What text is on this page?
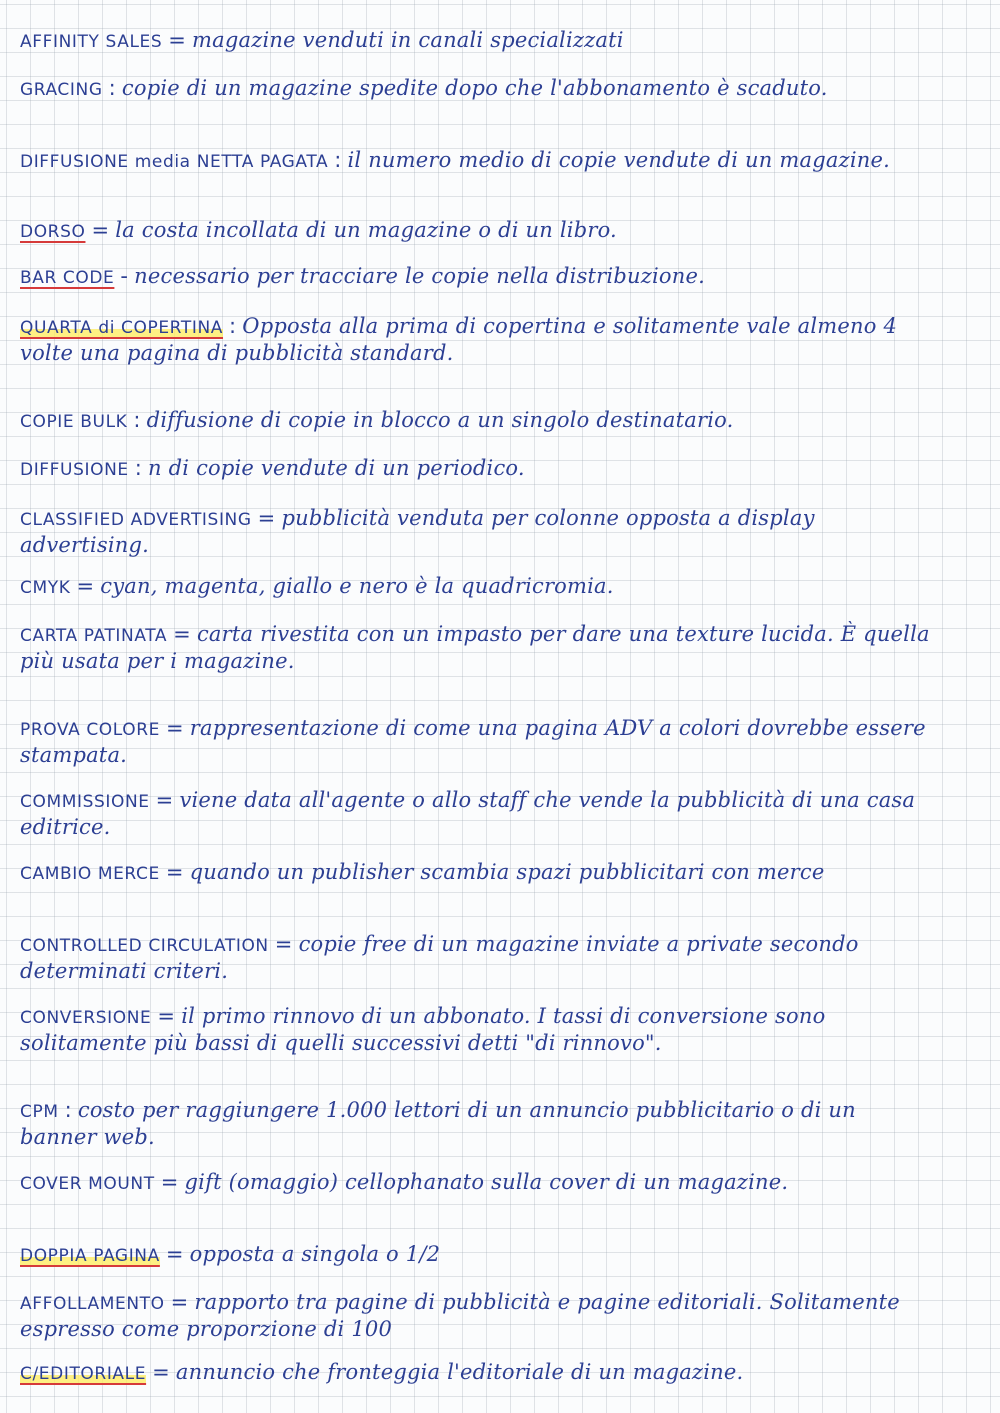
AFFINITY SALES = magazine venduti in canali specializzati
GRACING : copie di un magazine spedite dopo che l'abbonamento è scaduto.
DIFFUSIONE media NETTA PAGATA : il numero medio di copie vendute di un magazine.
DORSO = la costa incollata di un magazine o di un libro.
BAR CODE - necessario per tracciare le copie nella distribuzione.
QUARTA di COPERTINA : Opposta alla prima di copertina e solitamente vale almeno 4 volte una pagina di pubblicità standard.
COPIE BULK : diffusione di copie in blocco a un singolo destinatario.
DIFFUSIONE : n di copie vendute di un periodico.
CLASSIFIED ADVERTISING = pubblicità venduta per colonne opposta a display advertising.
CMYK = cyan, magenta, giallo e nero è la quadricromia.
CARTA PATINATA = carta rivestita con un impasto per dare una texture lucida. È quella più usata per i magazine.
PROVA COLORE = rappresentazione di come una pagina ADV a colori dovrebbe essere stampata.
COMMISSIONE = viene data all'agente o allo staff che vende la pubblicità di una casa editrice.
CAMBIO MERCE = quando un publisher scambia spazi pubblicitari con merce
CONTROLLED CIRCULATION = copie free di un magazine inviate a private secondo determinati criteri.
CONVERSIONE = il primo rinnovo di un abbonato. I tassi di conversione sono solitamente più bassi di quelli successivi detti "di rinnovo".
CPM : costo per raggiungere 1.000 lettori di un annuncio pubblicitario o di un banner web.
COVER MOUNT = gift (omaggio) cellophanato sulla cover di un magazine.
DOPPIA PAGINA = opposta a singola o 1/2
AFFOLLAMENTO = rapporto tra pagine di pubblicità e pagine editoriali. Solitamente espresso come proporzione di 100
C/EDITORIALE = annuncio che fronteggia l'editoriale di un magazine.
